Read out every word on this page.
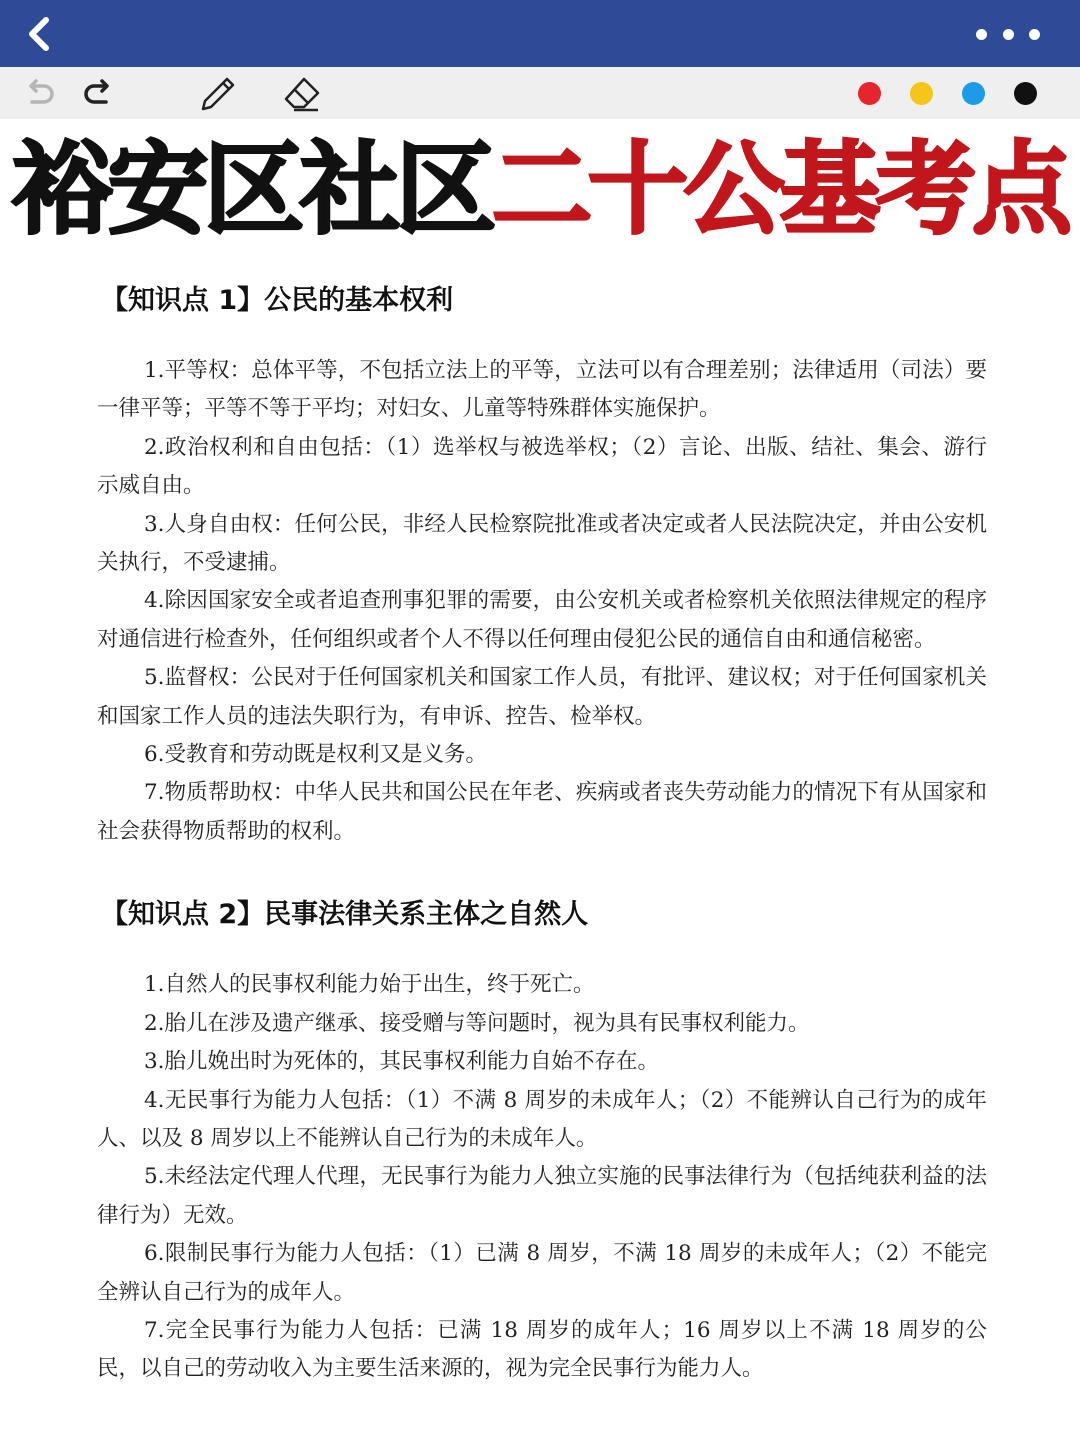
裕安区社区二十公基考点
【知识点 1】公民的基本权利

1.平等权：总体平等，不包括立法上的平等，立法可以有合理差别；法律适用（司法）要一律平等；平等不等于平均；对妇女、儿童等特殊群体实施保护。

2.政治权利和自由包括：（1）选举权与被选举权；（2）言论、出版、结社、集会、游行示威自由。

3.人身自由权：任何公民，非经人民检察院批准或者决定或者人民法院决定，并由公安机关执行，不受逮捕。

4.除因国家安全或者追查刑事犯罪的需要，由公安机关或者检察机关依照法律规定的程序对通信进行检查外，任何组织或者个人不得以任何理由侵犯公民的通信自由和通信秘密。

5.监督权：公民对于任何国家机关和国家工作人员，有批评、建议权；对于任何国家机关和国家工作人员的违法失职行为，有申诉、控告、检举权。

6.受教育和劳动既是权利又是义务。

7.物质帮助权：中华人民共和国公民在年老、疾病或者丧失劳动能力的情况下有从国家和社会获得物质帮助的权利。

【知识点 2】民事法律关系主体之自然人

1.自然人的民事权利能力始于出生，终于死亡。

2.胎儿在涉及遗产继承、接受赠与等问题时，视为具有民事权利能力。

3.胎儿娩出时为死体的，其民事权利能力自始不存在。

4.无民事行为能力人包括：（1）不满 8 周岁的未成年人；（2）不能辨认自己行为的成年人、以及 8 周岁以上不能辨认自己行为的未成年人。

5.未经法定代理人代理，无民事行为能力人独立实施的民事法律行为（包括纯获利益的法律行为）无效。

6.限制民事行为能力人包括：（1）已满 8 周岁，不满 18 周岁的未成年人；（2）不能完全辨认自己行为的成年人。

7.完全民事行为能力人包括：已满 18 周岁的成年人；16 周岁以上不满 18 周岁的公民，以自己的劳动收入为主要生活来源的，视为完全民事行为能力人。
